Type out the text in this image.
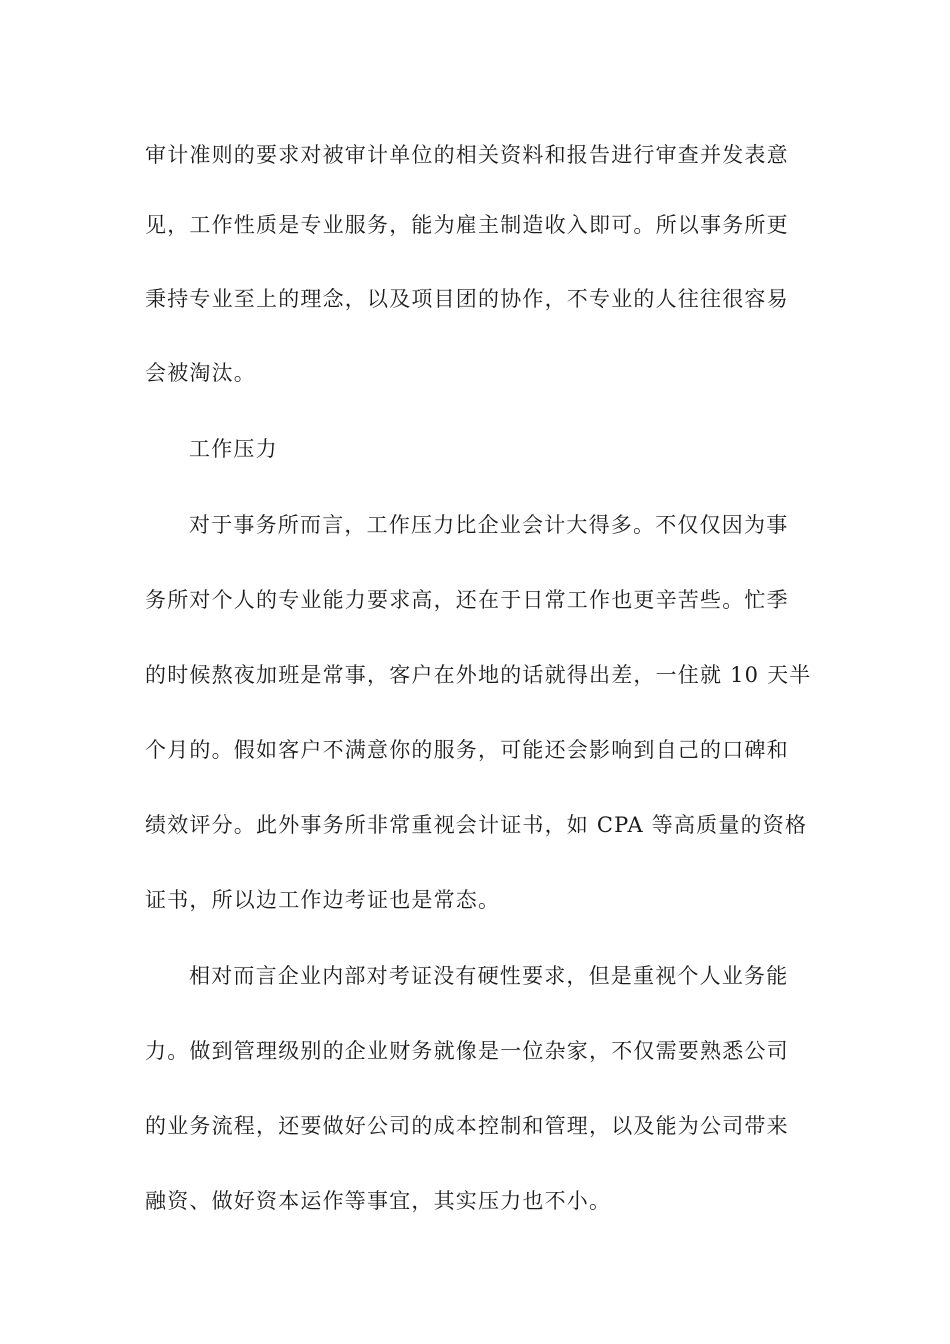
审计准则的要求对被审计单位的相关资料和报告进行审查并发表意
见，工作性质是专业服务，能为雇主制造收入即可。所以事务所更
秉持专业至上的理念，以及项目团的协作，不专业的人往往很容易
会被淘汰。
工作压力
对于事务所而言，工作压力比企业会计大得多。不仅仅因为事
务所对个人的专业能力要求高，还在于日常工作也更辛苦些。忙季
的时候熬夜加班是常事，客户在外地的话就得出差，一住就 10 天半
个月的。假如客户不满意你的服务，可能还会影响到自己的口碑和
绩效评分。此外事务所非常重视会计证书，如 CPA 等高质量的资格
证书，所以边工作边考证也是常态。
相对而言企业内部对考证没有硬性要求，但是重视个人业务能
力。做到管理级别的企业财务就像是一位杂家，不仅需要熟悉公司
的业务流程，还要做好公司的成本控制和管理，以及能为公司带来
融资、做好资本运作等事宜，其实压力也不小。
